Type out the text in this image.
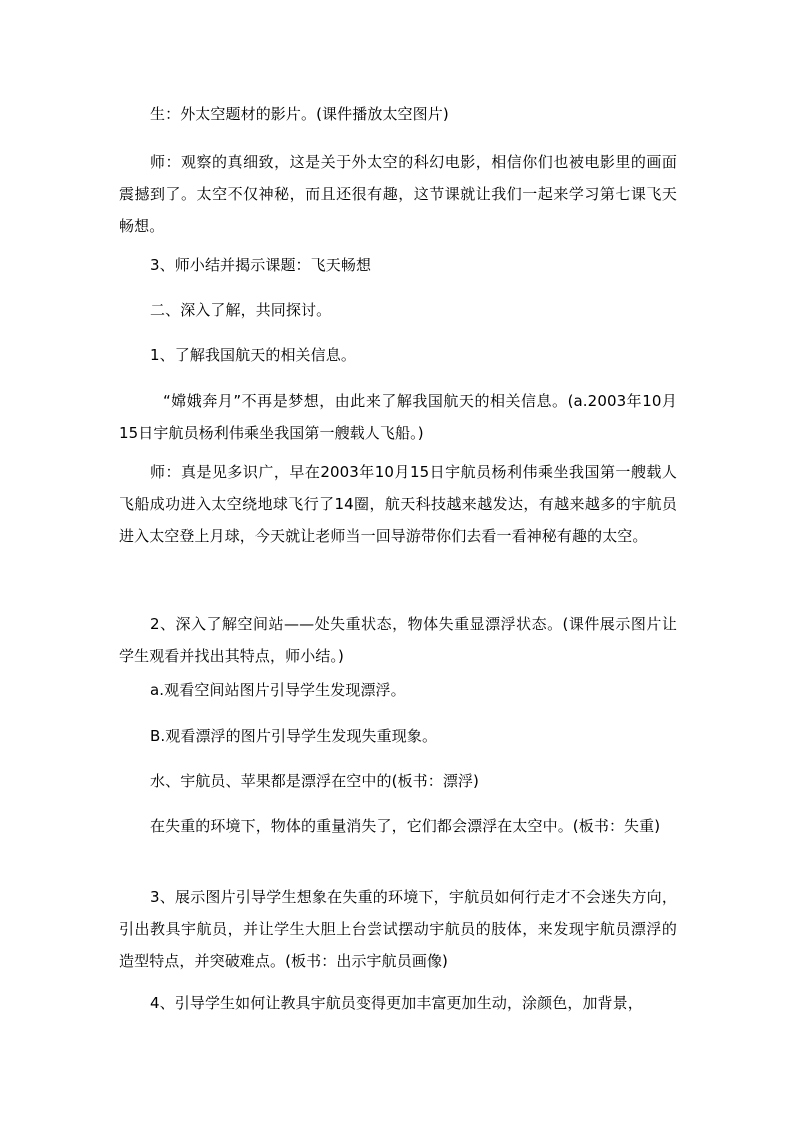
生：外太空题材的影片。(课件播放太空图片)

师：观察的真细致，这是关于外太空的科幻电影，相信你们也被电影里的画面震撼到了。太空不仅神秘，而且还很有趣，这节课就让我们一起来学习第七课飞天畅想。

3、师小结并揭示课题：飞天畅想

二、深入了解，共同探讨。

1、了解我国航天的相关信息。

“嫦娥奔月”不再是梦想，由此来了解我国航天的相关信息。(a.2003年10月15日宇航员杨利伟乘坐我国第一艘载人飞船。)

师：真是见多识广，早在2003年10月15日宇航员杨利伟乘坐我国第一艘载人飞船成功进入太空绕地球飞行了14圈，航天科技越来越发达，有越来越多的宇航员进入太空登上月球，今天就让老师当一回导游带你们去看一看神秘有趣的太空。

2、深入了解空间站——处失重状态，物体失重显漂浮状态。(课件展示图片让学生观看并找出其特点，师小结。)

a.观看空间站图片引导学生发现漂浮。

B.观看漂浮的图片引导学生发现失重现象。

水、宇航员、苹果都是漂浮在空中的(板书：漂浮)

在失重的环境下，物体的重量消失了，它们都会漂浮在太空中。(板书：失重)

3、展示图片引导学生想象在失重的环境下，宇航员如何行走才不会迷失方向，引出教具宇航员，并让学生大胆上台尝试摆动宇航员的肢体，来发现宇航员漂浮的造型特点，并突破难点。(板书：出示宇航员画像)

4、引导学生如何让教具宇航员变得更加丰富更加生动，涂颜色，加背景，
